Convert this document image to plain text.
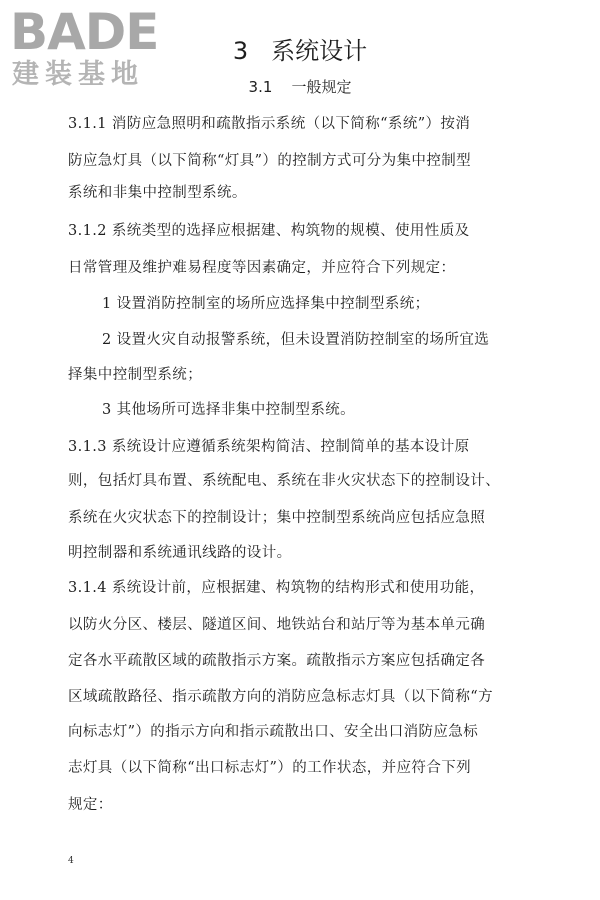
BADE
建装基地
3   系统设计
3.1    一般规定
3.1.1 消防应急照明和疏散指示系统（以下简称“系统”）按消
防应急灯具（以下简称“灯具”）的控制方式可分为集中控制型
系统和非集中控制型系统。
3.1.2 系统类型的选择应根据建、构筑物的规模、使用性质及
日常管理及维护难易程度等因素确定，并应符合下列规定：
1 设置消防控制室的场所应选择集中控制型系统；
2 设置火灾自动报警系统，但未设置消防控制室的场所宜选
择集中控制型系统；
3 其他场所可选择非集中控制型系统。
3.1.3 系统设计应遵循系统架构简洁、控制简单的基本设计原
则，包括灯具布置、系统配电、系统在非火灾状态下的控制设计、
系统在火灾状态下的控制设计；集中控制型系统尚应包括应急照
明控制器和系统通讯线路的设计。
3.1.4 系统设计前，应根据建、构筑物的结构形式和使用功能，
以防火分区、楼层、隧道区间、地铁站台和站厅等为基本单元确
定各水平疏散区域的疏散指示方案。疏散指示方案应包括确定各
区域疏散路径、指示疏散方向的消防应急标志灯具（以下简称“方
向标志灯”）的指示方向和指示疏散出口、安全出口消防应急标
志灯具（以下简称“出口标志灯”）的工作状态，并应符合下列
规定：
4
